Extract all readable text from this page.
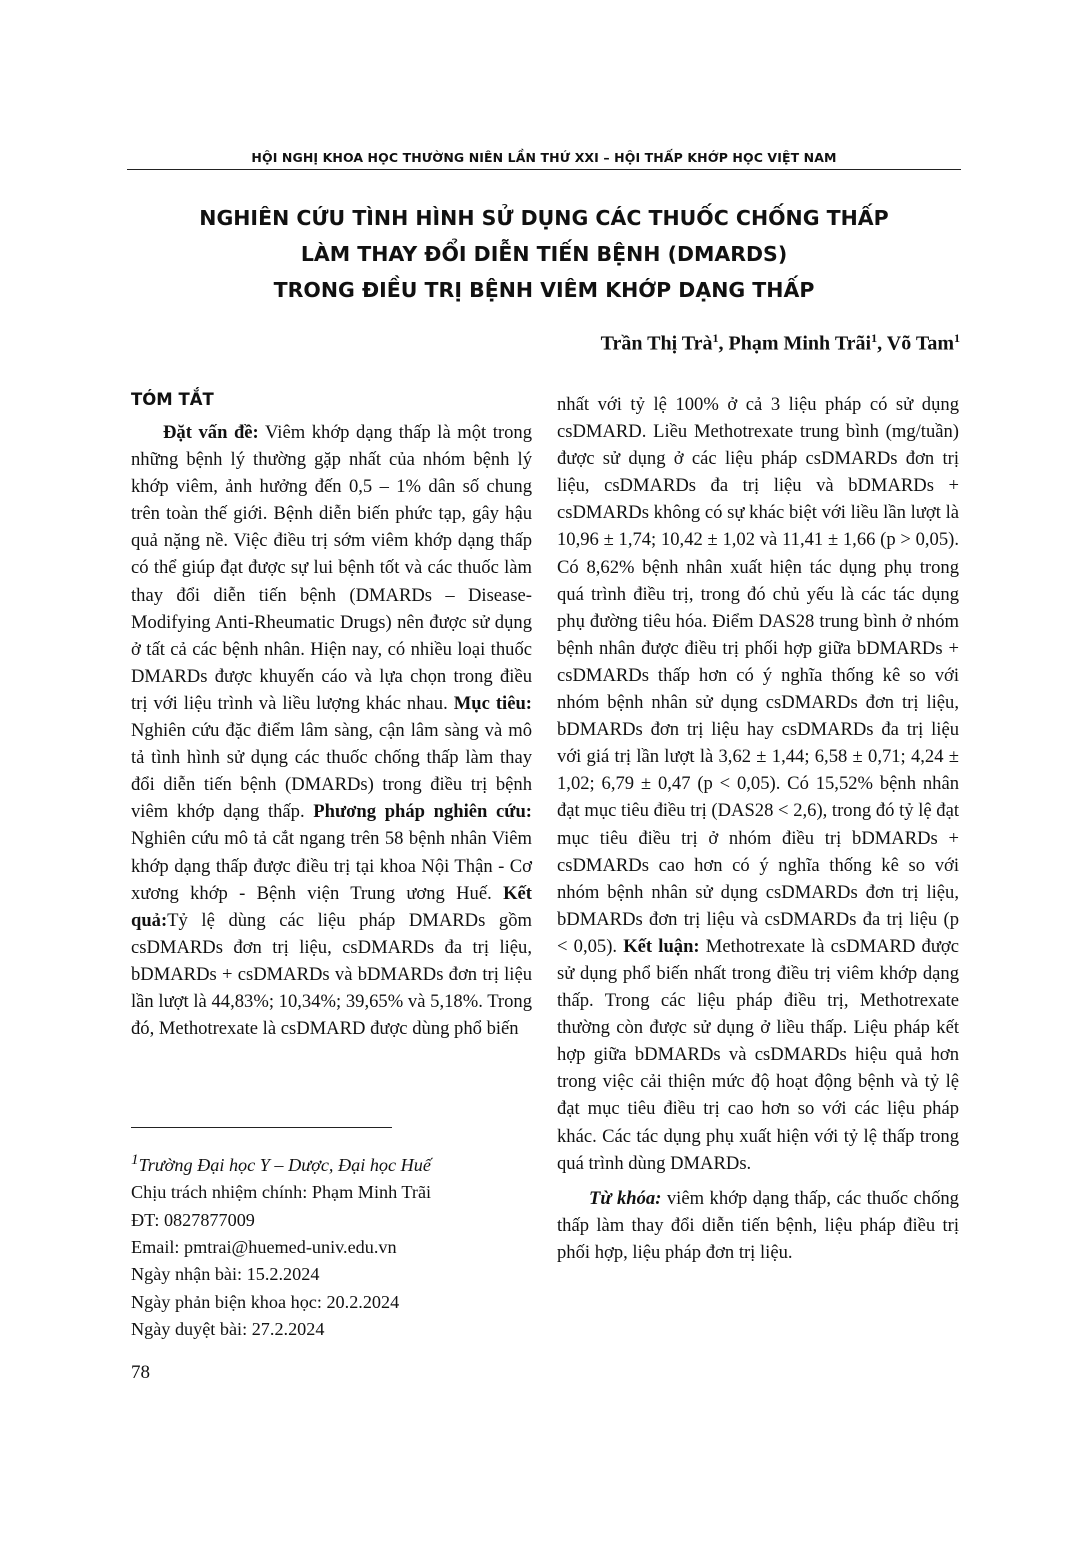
HỘI NGHỊ KHOA HỌC THƯỜNG NIÊN LẦN THỨ XXI – HỘI THẤP KHỚP HỌC VIỆT NAM
NGHIÊN CỨU TÌNH HÌNH SỬ DỤNG CÁC THUỐC CHỐNG THẤP
LÀM THAY ĐỔI DIỄN TIẾN BỆNH (DMARDS)
TRONG ĐIỀU TRỊ BỆNH VIÊM KHỚP DẠNG THẤP
Trần Thị Trà$^1$, Phạm Minh Trãi$^1$, Võ Tam$^1$
TÓM TẮT

Đặt vấn đề: Viêm khớp dạng thấp là một trong những bệnh lý thường gặp nhất của nhóm bệnh lý khớp viêm, ảnh hưởng đến 0,5 – 1% dân số chung trên toàn thế giới. Bệnh diễn biến phức tạp, gây hậu quả nặng nề. Việc điều trị sớm viêm khớp dạng thấp có thể giúp đạt được sự lui bệnh tốt và các thuốc làm thay đổi diễn tiến bệnh (DMARDs – Disease-Modifying Anti-Rheumatic Drugs) nên được sử dụng ở tất cả các bệnh nhân. Hiện nay, có nhiều loại thuốc DMARDs được khuyến cáo và lựa chọn trong điều trị với liệu trình và liều lượng khác nhau. Mục tiêu: Nghiên cứu đặc điểm lâm sàng, cận lâm sàng và mô tả tình hình sử dụng các thuốc chống thấp làm thay đổi diễn tiến bệnh (DMARDs) trong điều trị bệnh viêm khớp dạng thấp. Phương pháp nghiên cứu: Nghiên cứu mô tả cắt ngang trên 58 bệnh nhân Viêm khớp dạng thấp được điều trị tại khoa Nội Thận - Cơ xương khớp - Bệnh viện Trung ương Huế. Kết quả:Tỷ lệ dùng các liệu pháp DMARDs gồm csDMARDs đơn trị liệu, csDMARDs đa trị liệu, bDMARDs + csDMARDs và bDMARDs đơn trị liệu lần lượt là 44,83%; 10,34%; 39,65% và 5,18%. Trong đó, Methotrexate là csDMARD được dùng phổ biến

$^1$Trường Đại học Y – Dược, Đại học Huế
Chịu trách nhiệm chính: Phạm Minh Trãi
ĐT: 0827877009
Email: pmtrai@huemed-univ.edu.vn
Ngày nhận bài: 15.2.2024
Ngày phản biện khoa học: 20.2.2024
Ngày duyệt bài: 27.2.2024
78

nhất với tỷ lệ 100% ở cả 3 liệu pháp có sử dụng csDMARD. Liều Methotrexate trung bình (mg/tuần) được sử dụng ở các liệu pháp csDMARDs đơn trị liệu, csDMARDs đa trị liệu và bDMARDs + csDMARDs không có sự khác biệt với liều lần lượt là 10,96 ± 1,74; 10,42 ± 1,02 và 11,41 ± 1,66 (p > 0,05). Có 8,62% bệnh nhân xuất hiện tác dụng phụ trong quá trình điều trị, trong đó chủ yếu là các tác dụng phụ đường tiêu hóa. Điểm DAS28 trung bình ở nhóm bệnh nhân được điều trị phối hợp giữa bDMARDs + csDMARDs thấp hơn có ý nghĩa thống kê so với nhóm bệnh nhân sử dụng csDMARDs đơn trị liệu, bDMARDs đơn trị liệu hay csDMARDs đa trị liệu với giá trị lần lượt là 3,62 ± 1,44; 6,58 ± 0,71; 4,24 ± 1,02; 6,79 ± 0,47 (p < 0,05). Có 15,52% bệnh nhân đạt mục tiêu điều trị (DAS28 < 2,6), trong đó tỷ lệ đạt mục tiêu điều trị ở nhóm điều trị bDMARDs + csDMARDs cao hơn có ý nghĩa thống kê so với nhóm bệnh nhân sử dụng csDMARDs đơn trị liệu, bDMARDs đơn trị liệu và csDMARDs đa trị liệu (p < 0,05). Kết luận: Methotrexate là csDMARD được sử dụng phổ biến nhất trong điều trị viêm khớp dạng thấp. Trong các liệu pháp điều trị, Methotrexate thường còn được sử dụng ở liều thấp. Liệu pháp kết hợp giữa bDMARDs và csDMARDs hiệu quả hơn trong việc cải thiện mức độ hoạt động bệnh và tỷ lệ đạt mục tiêu điều trị cao hơn so với các liệu pháp khác. Các tác dụng phụ xuất hiện với tỷ lệ thấp trong quá trình dùng DMARDs.

Từ khóa: viêm khớp dạng thấp, các thuốc chống thấp làm thay đổi diễn tiến bệnh, liệu pháp điều trị phối hợp, liệu pháp đơn trị liệu.
